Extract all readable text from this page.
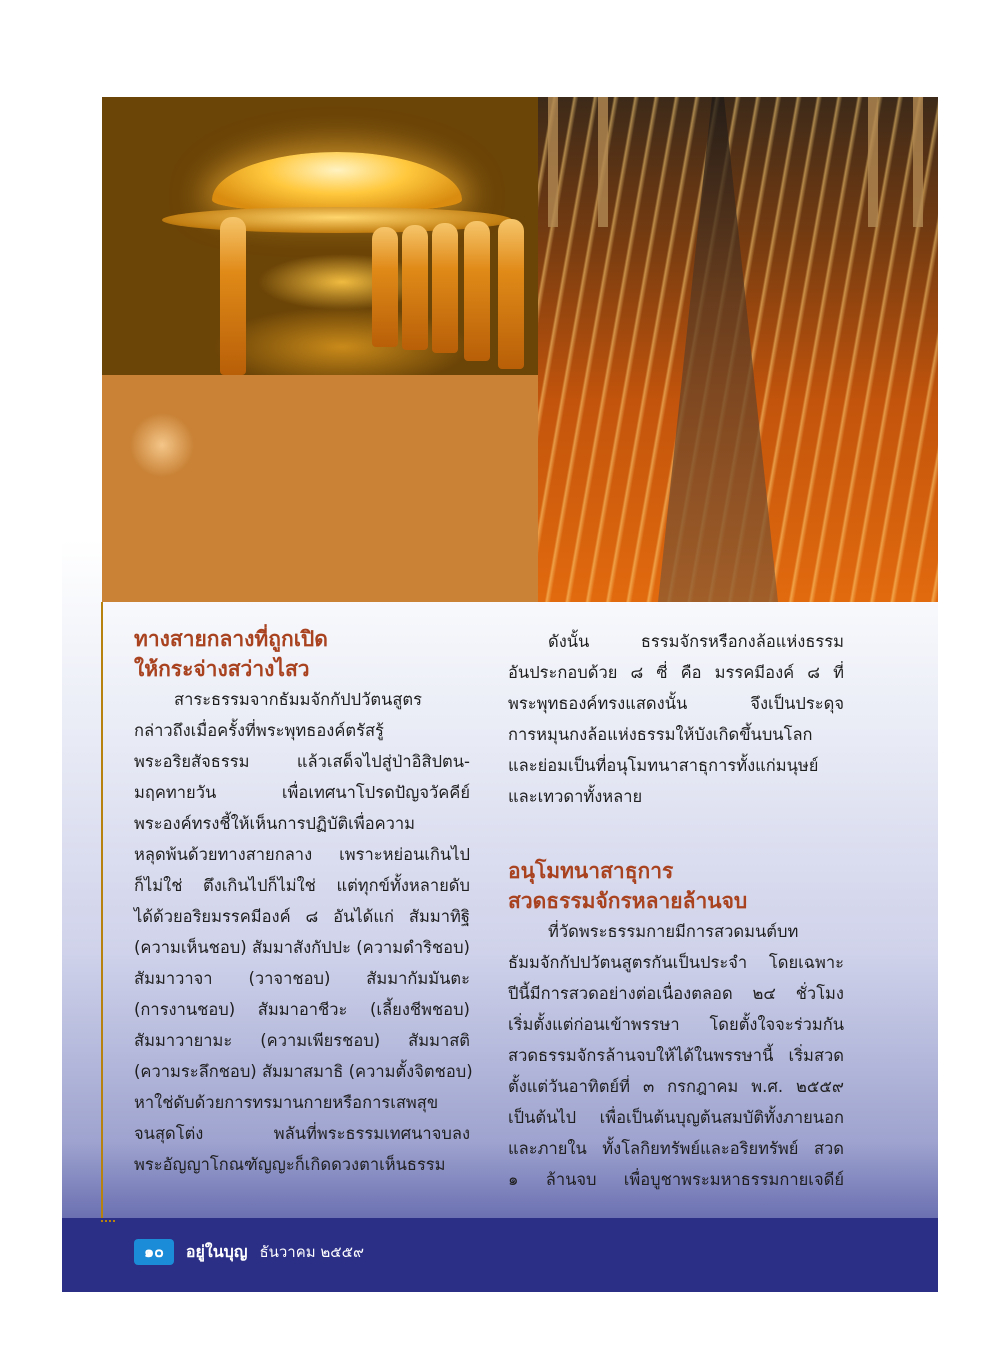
ทางสายกลางที่ถูกเปิด
ให้กระจ่างสว่างไสว
สาระธรรมจากธัมมจักกัปปวัตนสูตร
กล่าวถึงเมื่อครั้งที่พระพุทธองค์ตรัสรู้
พระอริยสัจธรรม แล้วเสด็จไปสู่ป่าอิสิปตน-
มฤคทายวัน เพื่อเทศนาโปรดปัญจวัคคีย์
พระองค์ทรงชี้ให้เห็นการปฏิบัติเพื่อความ
หลุดพ้นด้วยทางสายกลาง เพราะหย่อนเกินไป
ก็ไม่ใช่ ตึงเกินไปก็ไม่ใช่ แต่ทุกข์ทั้งหลายดับ
ได้ด้วยอริยมรรคมีองค์ ๘ อันได้แก่ สัมมาทิฐิ
(ความเห็นชอบ) สัมมาสังกัปปะ (ความดำริชอบ)
สัมมาวาจา (วาจาชอบ) สัมมากัมมันตะ
(การงานชอบ) สัมมาอาชีวะ (เลี้ยงชีพชอบ)
สัมมาวายามะ (ความเพียรชอบ) สัมมาสติ
(ความระลึกชอบ) สัมมาสมาธิ (ความตั้งจิตชอบ)
หาใช่ดับด้วยการทรมานกายหรือการเสพสุข
จนสุดโต่ง พลันที่พระธรรมเทศนาจบลง
พระอัญญาโกณฑัญญะก็เกิดดวงตาเห็นธรรม
ดังนั้น ธรรมจักรหรือกงล้อแห่งธรรม
อันประกอบด้วย ๘ ซี่ คือ มรรคมีองค์ ๘ ที่
พระพุทธองค์ทรงแสดงนั้น จึงเป็นประดุจ
การหมุนกงล้อแห่งธรรมให้บังเกิดขึ้นบนโลก
และย่อมเป็นที่อนุโมทนาสาธุการทั้งแก่มนุษย์
และเทวดาทั้งหลาย
อนุโมทนาสาธุการ
สวดธรรมจักรหลายล้านจบ
ที่วัดพระธรรมกายมีการสวดมนต์บท
ธัมมจักกัปปวัตนสูตรกันเป็นประจำ โดยเฉพาะ
ปีนี้มีการสวดอย่างต่อเนื่องตลอด ๒๔ ชั่วโมง
เริ่มตั้งแต่ก่อนเข้าพรรษา โดยตั้งใจจะร่วมกัน
สวดธรรมจักรล้านจบให้ได้ในพรรษานี้ เริ่มสวด
ตั้งแต่วันอาทิตย์ที่ ๓ กรกฎาคม พ.ศ. ๒๕๕๙
เป็นต้นไป เพื่อเป็นต้นบุญต้นสมบัติทั้งภายนอก
และภายใน ทั้งโลกิยทรัพย์และอริยทรัพย์ สวด
๑ ล้านจบ เพื่อบูชาพระมหาธรรมกายเจดีย์
๑๐	อยู่ในบุญ ธันวาคม ๒๕๕๙
